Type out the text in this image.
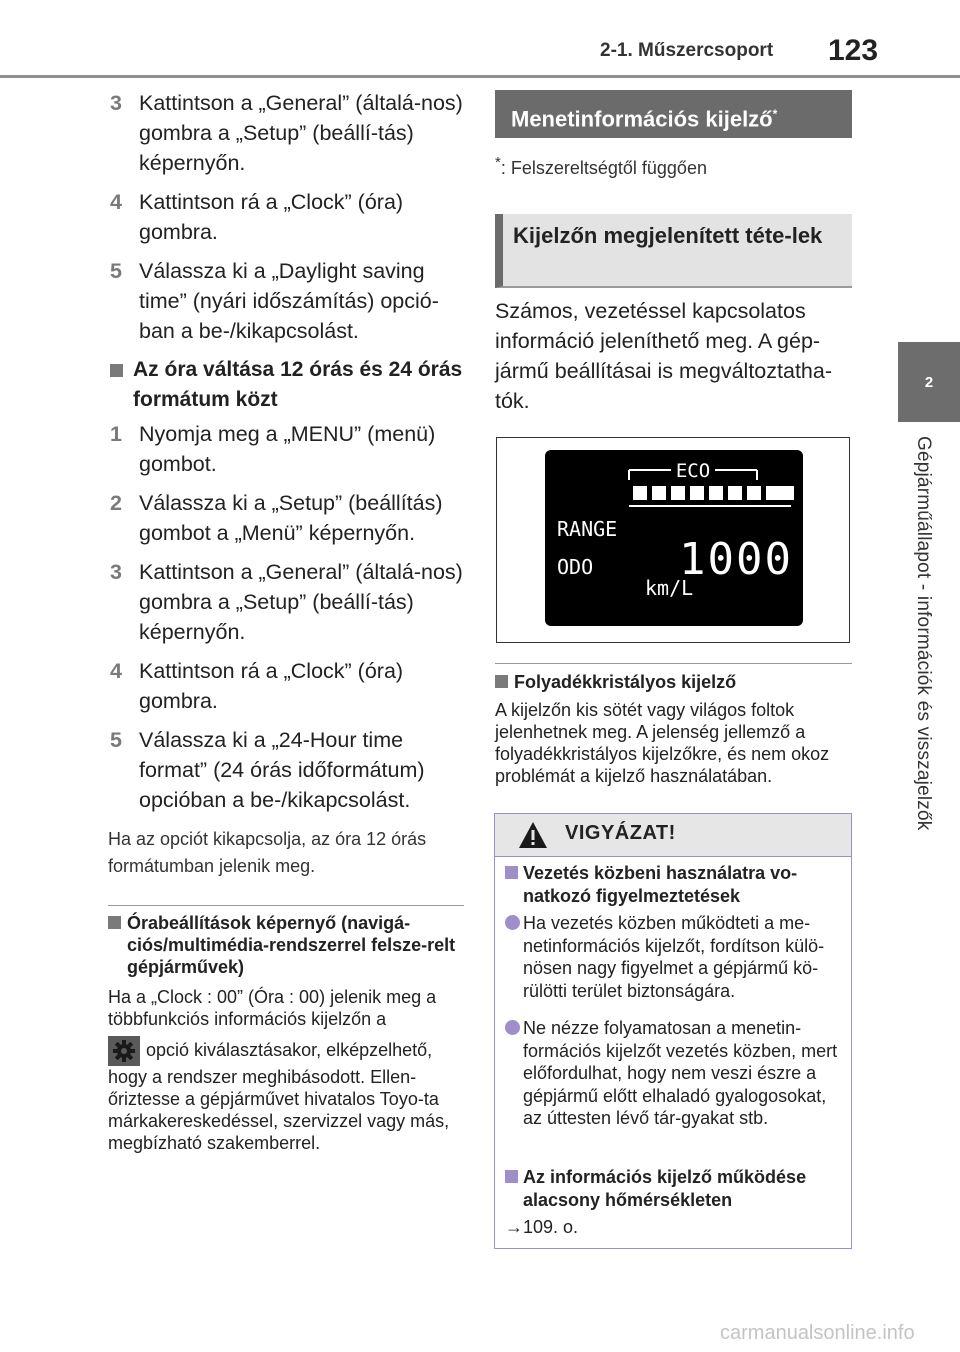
2-1. Műszercsoport 123
2
Gépjárműállapot - információk és visszajelzők
3 Kattintson a „General” (általá-nos) gombra a „Setup” (beállí-tás) képernyőn.
4 Kattintson rá a „Clock” (óra) gombra.
5 Válassza ki a „Daylight saving time” (nyári időszámítás) opció-ban a be-/kikapcsolást.
Az óra váltása 12 órás és 24 órás formátum közt
1 Nyomja meg a „MENU” (menü) gombot.
2 Válassza ki a „Setup” (beállítás) gombot a „Menü” képernyőn.
3 Kattintson a „General” (általá-nos) gombra a „Setup” (beállí-tás) képernyőn.
4 Kattintson rá a „Clock” (óra) gombra.
5 Válassza ki a „24-Hour time format” (24 órás időformátum) opcióban a be-/kikapcsolást.
Ha az opciót kikapcsolja, az óra 12 órás formátumban jelenik meg.
Órabeállítások képernyő (navigá-ciós/multimédia-rendszerrel felsze-relt gépjárművek)
Ha a „Clock : 00” (Óra : 00) jelenik meg a többfunkciós információs kijelzőn a
opció kiválasztásakor, elképzelhető, hogy a rendszer meghibásodott. Ellen-őriztesse a gépjárművet hivatalos Toyo-ta márkakereskedéssel, szervizzel vagy más, megbízható szakemberrel.
Menetinformációs kijelző*
*: Felszereltségtől függően
Kijelzőn megjelenített téte-lek
Számos, vezetéssel kapcsolatos információ jeleníthető meg. A gép-jármű beállításai is megváltoztatha-tók.
ECO
RANGE
ODO 1000
km/L
Folyadékkristályos kijelző
A kijelzőn kis sötét vagy világos foltok jelenhetnek meg. A jelenség jellemző a folyadékkristályos kijelzőkre, és nem okoz problémát a kijelző használatában.
VIGYÁZAT!
Vezetés közbeni használatra vo-natkozó figyelmeztetések
Ha vezetés közben működteti a me-netinformációs kijelzőt, fordítson külö-nösen nagy figyelmet a gépjármű kö-rülötti terület biztonságára.
Ne nézze folyamatosan a menetin-formációs kijelzőt vezetés közben, mert előfordulhat, hogy nem veszi észre a gépjármű előtt elhaladó gyalogosokat, az úttesten lévő tár-gyakat stb.
Az információs kijelző működése alacsony hőmérsékleten
→109. o.
carmanualsonline.info
